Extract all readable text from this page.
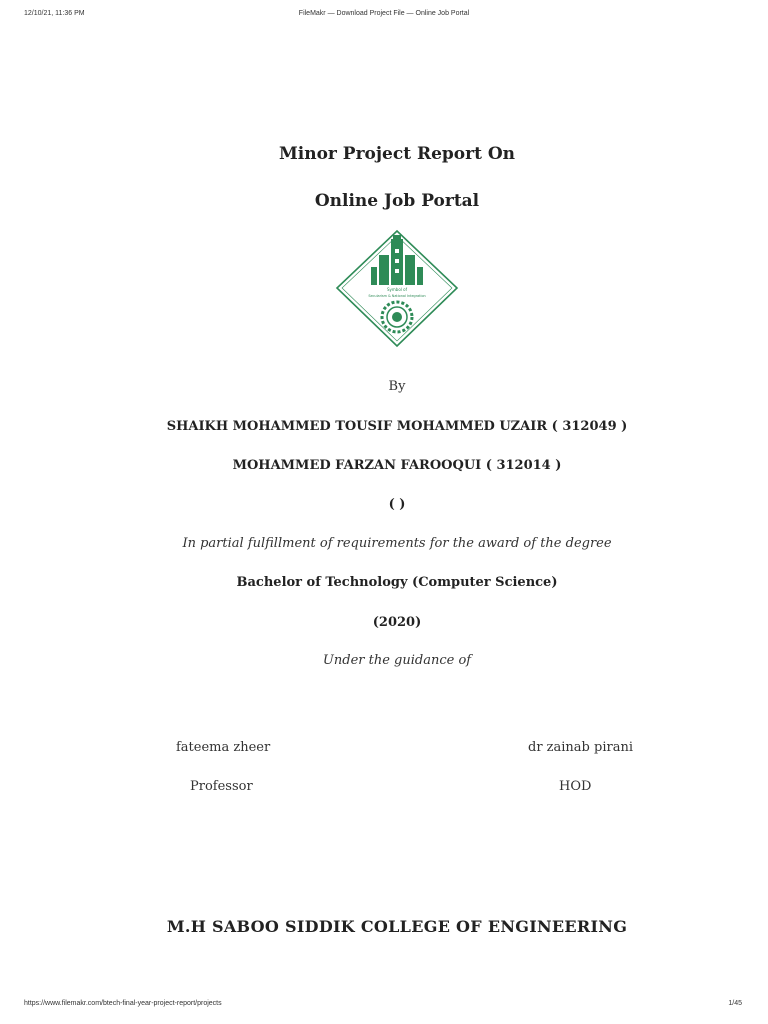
12/10/21, 11:36 PM	FileMakr — Download Project File — Online Job Portal
Minor Project Report On
Online Job Portal
Symbol of
Secularism & National Integration
By
SHAIKH MOHAMMED TOUSIF MOHAMMED UZAIR ( 312049 )
MOHAMMED FARZAN FAROOQUI ( 312014 )
( )
In partial fulfillment of requirements for the award of the degree
Bachelor of Technology (Computer Science)
(2020)
Under the guidance of
fateema zheer
Professor
dr zainab pirani
HOD
M.H SABOO SIDDIK COLLEGE OF ENGINEERING
https://www.filemakr.com/btech-final-year-project-report/projects	1/45
